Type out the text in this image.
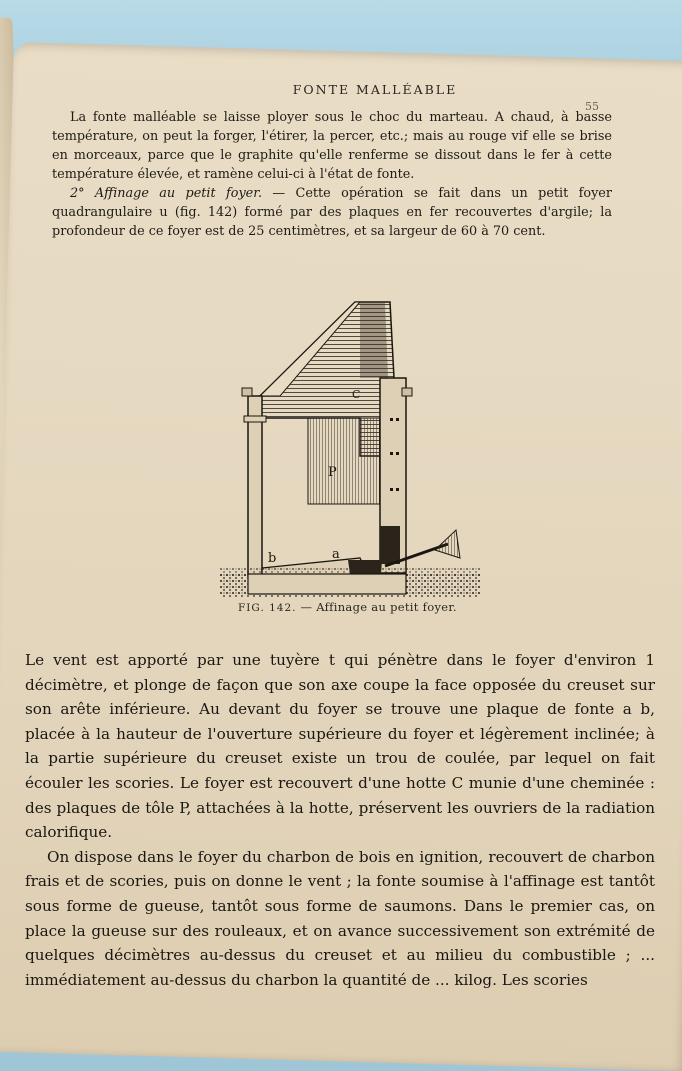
FONTE MALLÉABLE
55

La fonte malléable se laisse ployer sous le choc du marteau. A chaud, à basse température, on peut la forger, l'étirer, la percer, etc.; mais au rouge vif elle se brise en morceaux, parce que le graphite qu'elle renferme se dissout dans le fer à cette température élevée, et ramène celui-ci à l'état de fonte.

2° Affinage au petit foyer. — Cette opération se fait dans un petit foyer quadrangulaire u (fig. 142) formé par des plaques en fer recouvertes d'argile; la profondeur de ce foyer est de 25 centimètres, et sa largeur de 60 à 70 cent.

P
C
a
b
FIG. 142. — Affinage au petit foyer.

Le vent est apporté par une tuyère t qui pénètre dans le foyer d'environ 1 décimètre, et plonge de façon que son axe coupe la face opposée du creuset sur son arête inférieure. Au devant du foyer se trouve une plaque de fonte a b, placée à la hauteur de l'ouverture supérieure du foyer et légèrement inclinée; à la partie supérieure du creuset existe un trou de coulée, par lequel on fait écouler les scories. Le foyer est recouvert d'une hotte C munie d'une cheminée : des plaques de tôle P, attachées à la hotte, préservent les ouvriers de la radiation calorifique.

On dispose dans le foyer du charbon de bois en ignition, recouvert de charbon frais et de scories, puis on donne le vent ; la fonte soumise à l'affinage est tantôt sous forme de gueuse, tantôt sous forme de saumons. Dans le premier cas, on place la gueuse sur des rouleaux, et on avance successivement son extrémité de quelques décimètres au-dessus du creuset et au milieu du combustible ; ... immédiatement au-dessus du charbon la quantité de ... kilog. Les scories
